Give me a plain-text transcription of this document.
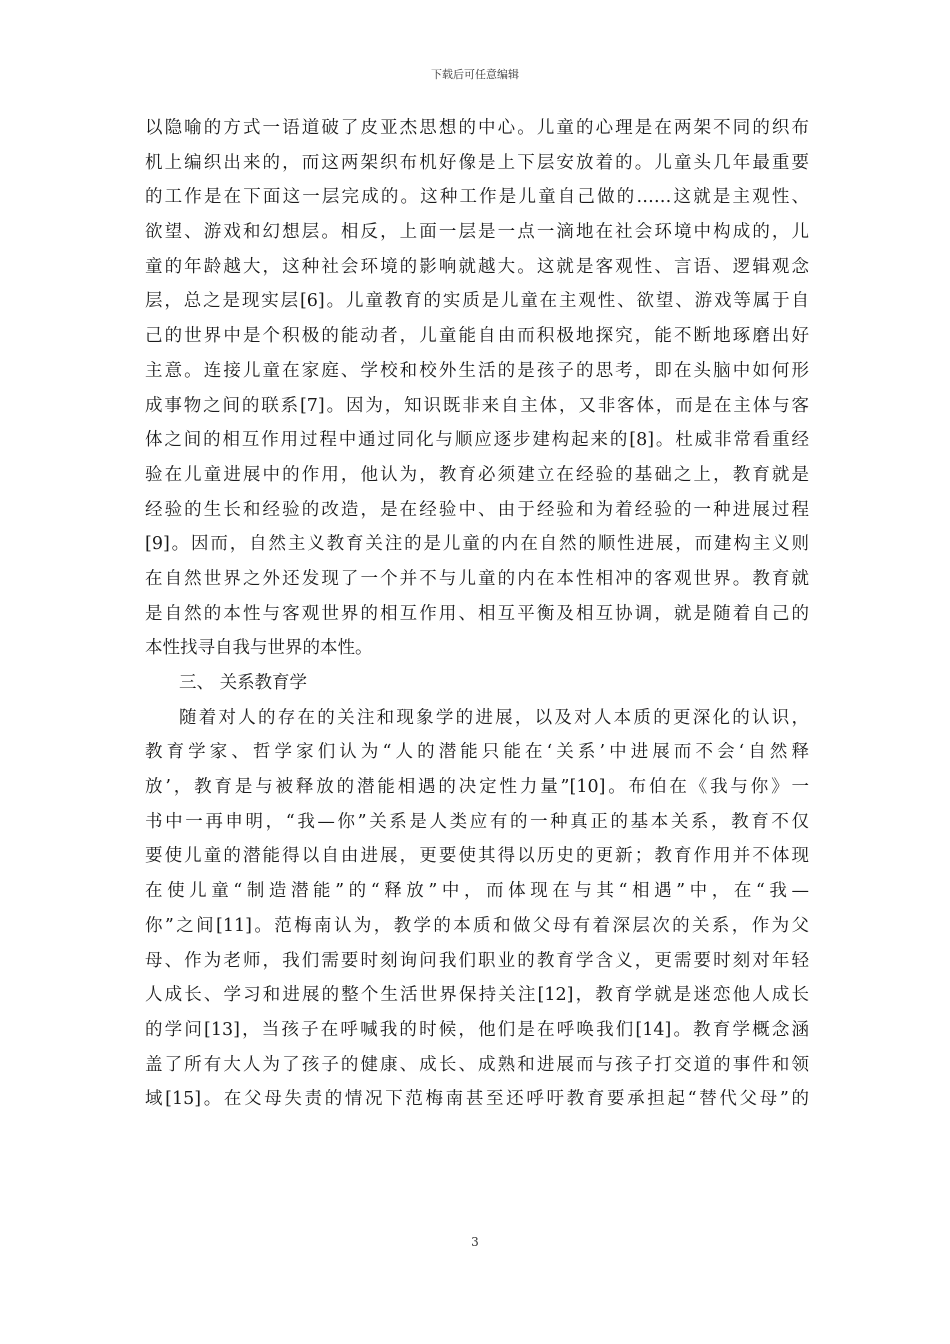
下载后可任意编辑
以隐喻的方式一语道破了皮亚杰思想的中心。儿童的心理是在两架不同的织布
机上编织出来的，而这两架织布机好像是上下层安放着的。儿童头几年最重要
的工作是在下面这一层完成的。这种工作是儿童自己做的……这就是主观性、
欲望、游戏和幻想层。相反，上面一层是一点一滴地在社会环境中构成的，儿
童的年龄越大，这种社会环境的影响就越大。这就是客观性、言语、逻辑观念
层，总之是现实层[6]。儿童教育的实质是儿童在主观性、欲望、游戏等属于自
己的世界中是个积极的能动者，儿童能自由而积极地探究，能不断地琢磨出好
主意。连接儿童在家庭、学校和校外生活的是孩子的思考，即在头脑中如何形
成事物之间的联系[7]。因为，知识既非来自主体，又非客体，而是在主体与客
体之间的相互作用过程中通过同化与顺应逐步建构起来的[8]。杜威非常看重经
验在儿童进展中的作用，他认为，教育必须建立在经验的基础之上，教育就是
经验的生长和经验的改造，是在经验中、由于经验和为着经验的一种进展过程
[9]。因而，自然主义教育关注的是儿童的内在自然的顺性进展，而建构主义则
在自然世界之外还发现了一个并不与儿童的内在本性相冲的客观世界。教育就
是自然的本性与客观世界的相互作用、相互平衡及相互协调，就是随着自己的
本性找寻自我与世界的本性。
三、 关系教育学
随着对人的存在的关注和现象学的进展，以及对人本质的更深化的认识，
教育学家、哲学家们认为“人的潜能只能在‘关系’中进展而不会‘自然释
放’，教育是与被释放的潜能相遇的决定性力量”[10]。布伯在《我与你》一
书中一再申明，“我—你”关系是人类应有的一种真正的基本关系，教育不仅
要使儿童的潜能得以自由进展，更要使其得以历史的更新；教育作用并不体现
在使儿童“制造潜能”的“释放”中，而体现在与其“相遇”中，在“我—
你”之间[11]。范梅南认为，教学的本质和做父母有着深层次的关系，作为父
母、作为老师，我们需要时刻询问我们职业的教育学含义，更需要时刻对年轻
人成长、学习和进展的整个生活世界保持关注[12]，教育学就是迷恋他人成长
的学问[13]，当孩子在呼喊我的时候，他们是在呼唤我们[14]。教育学概念涵
盖了所有大人为了孩子的健康、成长、成熟和进展而与孩子打交道的事件和领
域[15]。在父母失责的情况下范梅南甚至还呼吁教育要承担起“替代父母”的
3
